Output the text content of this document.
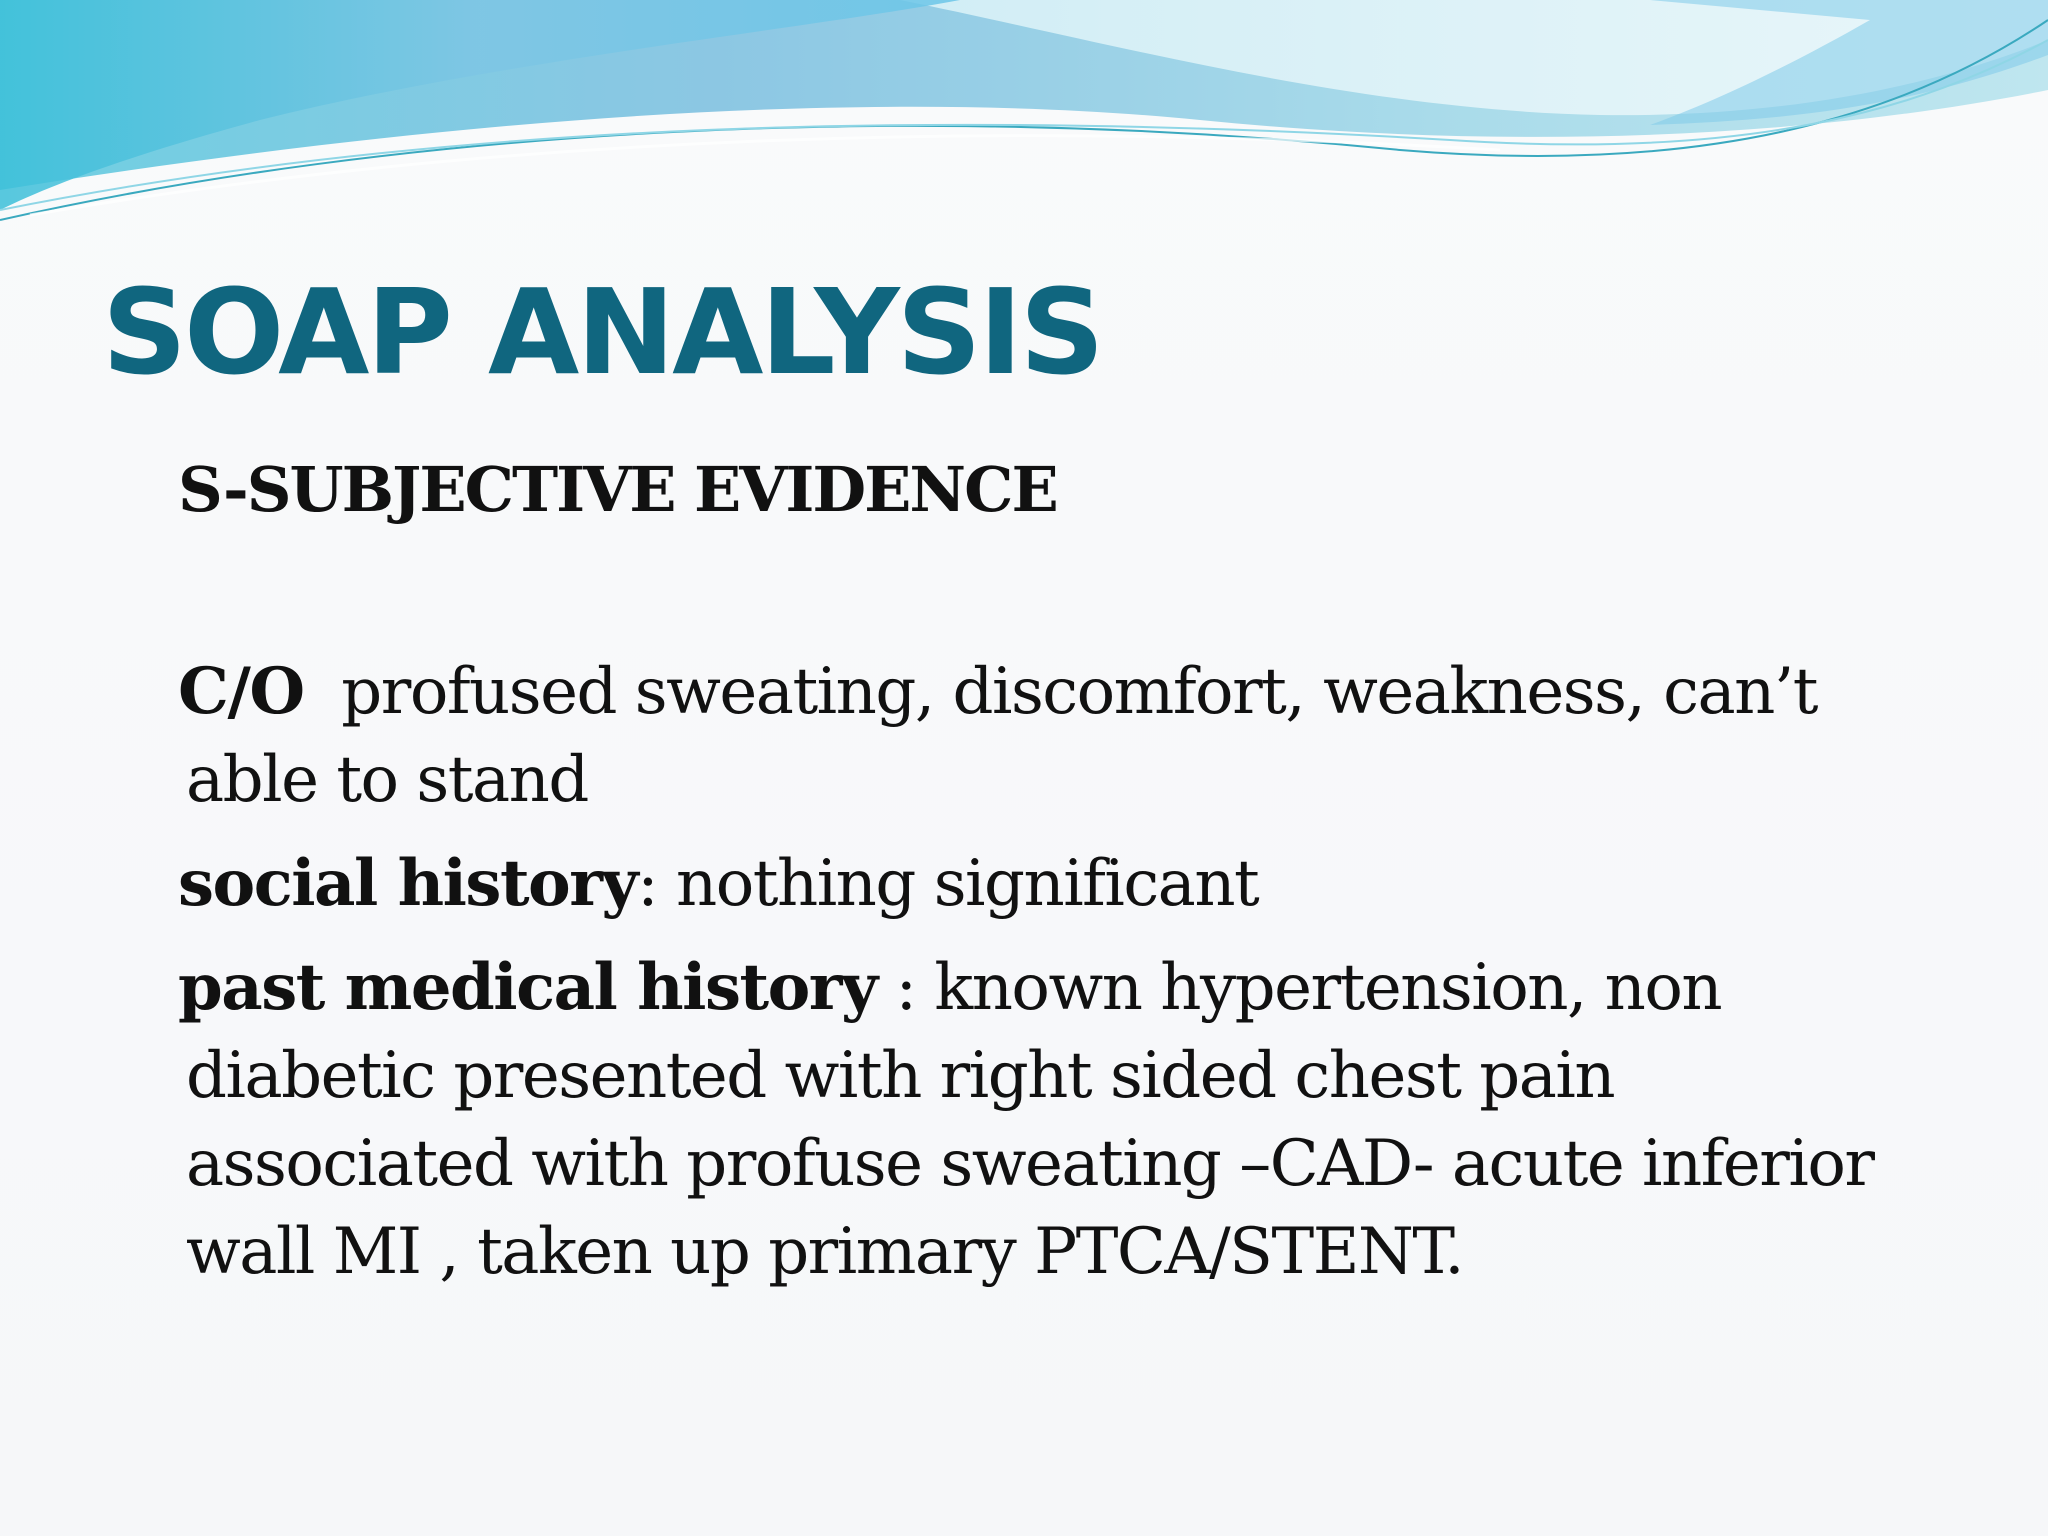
SOAP ANALYSIS
S-SUBJECTIVE EVIDENCE
C/O  profused sweating, discomfort, weakness, can’t
able to stand
social history: nothing significant
past medical history : known hypertension, non
diabetic presented with right sided chest pain
associated with profuse sweating –CAD- acute inferior
wall MI , taken up primary PTCA/STENT.
